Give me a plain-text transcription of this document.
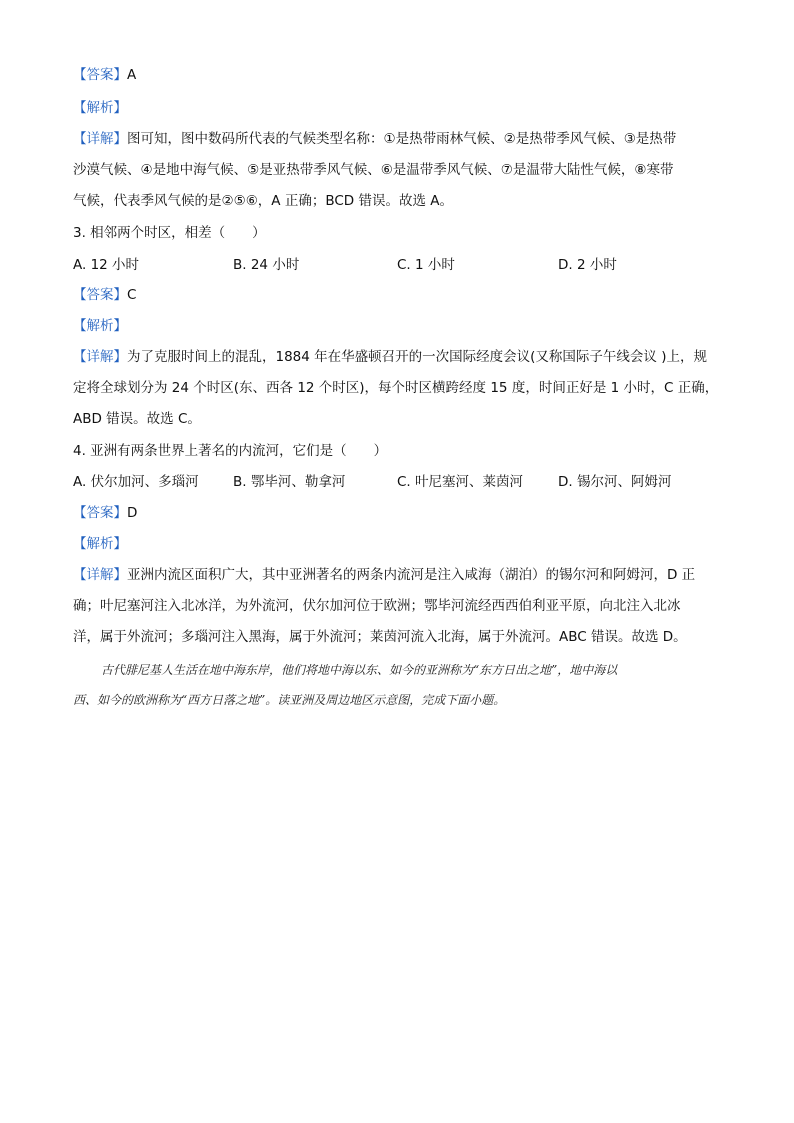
【答案】A
【解析】
【详解】图可知，图中数码所代表的气候类型名称：①是热带雨林气候、②是热带季风气候、③是热带
沙漠气候、④是地中海气候、⑤是亚热带季风气候、⑥是温带季风气候、⑦是温带大陆性气候，⑧寒带
气候，代表季风气候的是②⑤⑥，A 正确；BCD 错误。故选 A。
3. 相邻两个时区，相差（　　）
A. 12 小时	B. 24 小时	C. 1 小时	D. 2 小时
【答案】C
【解析】
【详解】为了克服时间上的混乱，1884 年在华盛顿召开的一次国际经度会议(又称国际子午线会议 )上，规
定将全球划分为 24 个时区(东、西各 12 个时区)，每个时区横跨经度 15 度，时间正好是 1 小时，C 正确，
ABD 错误。故选 C。
4. 亚洲有两条世界上著名的内流河，它们是（　　）
A. 伏尔加河、多瑙河	B. 鄂毕河、勒拿河	C. 叶尼塞河、莱茵河	D. 锡尔河、阿姆河
【答案】D
【解析】
【详解】亚洲内流区面积广大，其中亚洲著名的两条内流河是注入咸海（湖泊）的锡尔河和阿姆河，D 正
确；叶尼塞河注入北冰洋，为外流河，伏尔加河位于欧洲；鄂毕河流经西西伯利亚平原，向北注入北冰
洋，属于外流河；多瑙河注入黑海，属于外流河；莱茵河流入北海，属于外流河。ABC 错误。故选 D。
古代腓尼基人生活在地中海东岸，他们将地中海以东、如今的亚洲称为“东方日出之地”，地中海以
西、如今的欧洲称为“西方日落之地”。读亚洲及周边地区示意图，完成下面小题。
